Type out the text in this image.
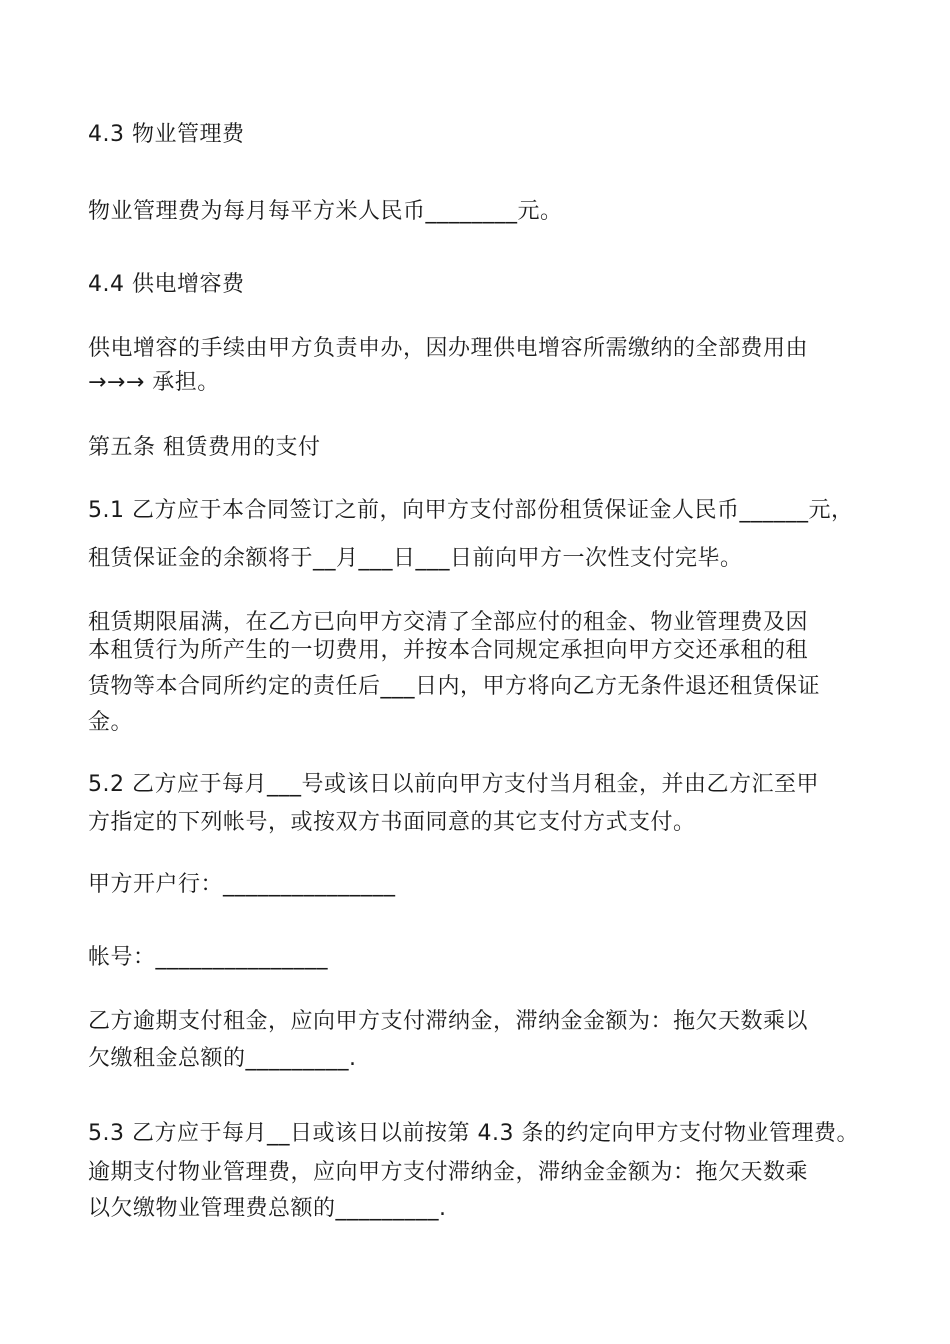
4.3 物业管理费
物业管理费为每月每平方米人民币________元。
4.4 供电增容费
供电增容的手续由甲方负责申办，因办理供电增容所需缴纳的全部费用由
→→→ 承担。
第五条 租赁费用的支付
5.1 乙方应于本合同签订之前，向甲方支付部份租赁保证金人民币______元，
租赁保证金的余额将于__月___日___日前向甲方一次性支付完毕。
租赁期限届满，在乙方已向甲方交清了全部应付的租金、物业管理费及因
本租赁行为所产生的一切费用，并按本合同规定承担向甲方交还承租的租
赁物等本合同所约定的责任后___日内，甲方将向乙方无条件退还租赁保证
金。
5.2 乙方应于每月___号或该日以前向甲方支付当月租金，并由乙方汇至甲
方指定的下列帐号，或按双方书面同意的其它支付方式支付。
甲方开户行：_______________
帐号：_______________
乙方逾期支付租金，应向甲方支付滞纳金，滞纳金金额为：拖欠天数乘以
欠缴租金总额的_________.
5.3 乙方应于每月__日或该日以前按第 4.3 条的约定向甲方支付物业管理费。
逾期支付物业管理费，应向甲方支付滞纳金，滞纳金金额为：拖欠天数乘
以欠缴物业管理费总额的_________.
